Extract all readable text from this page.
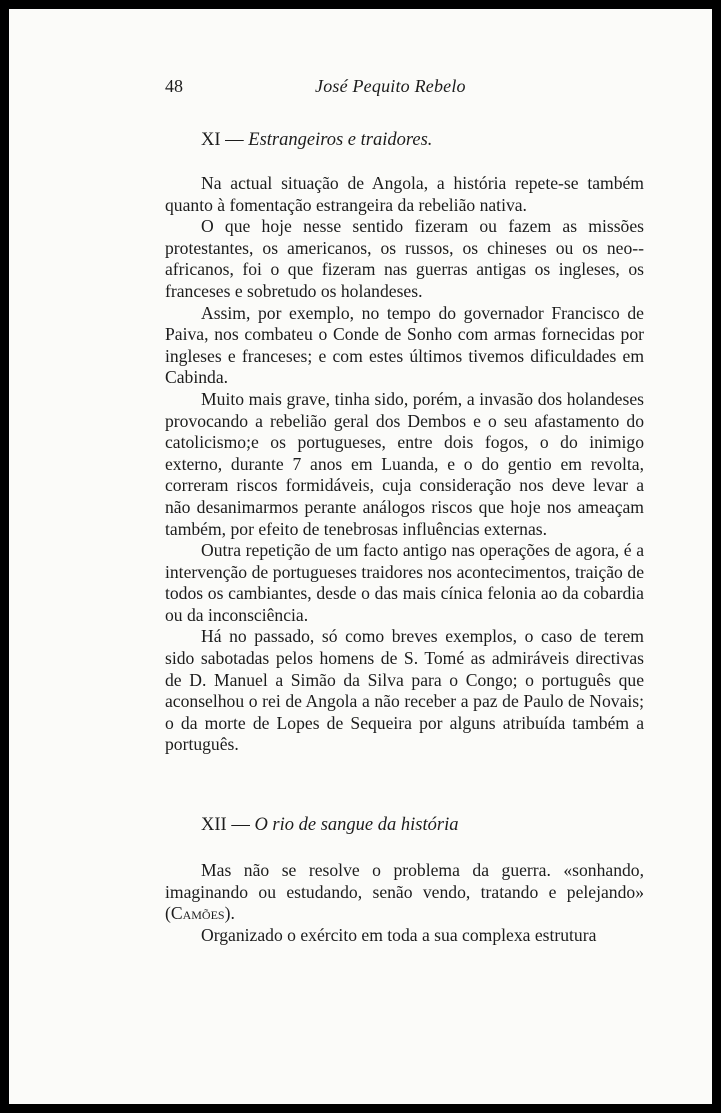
48	José Pequito Rebelo
XI — Estrangeiros e traidores.

Na actual situação de Angola, a história repete-se também quanto à fomentação estrangeira da rebelião nativa.

O que hoje nesse sentido fizeram ou fazem as missões protestantes, os americanos, os russos, os chineses ou os neo--africanos, foi o que fizeram nas guerras antigas os ingleses, os franceses e sobretudo os holandeses.

Assim, por exemplo, no tempo do governador Francisco de Paiva, nos combateu o Conde de Sonho com armas fornecidas por ingleses e franceses; e com estes últimos tivemos dificuldades em Cabinda.

Muito mais grave, tinha sido, porém, a invasão dos holandeses provocando a rebelião geral dos Dembos e o seu afastamento do catolicismo;e os portugueses, entre dois fogos, o do inimigo externo, durante 7 anos em Luanda, e o do gentio em revolta, correram riscos formidáveis, cuja consideração nos deve levar a não desanimarmos perante análogos riscos que hoje nos ameaçam também, por efeito de tenebrosas influências externas.

Outra repetição de um facto antigo nas operações de agora, é a intervenção de portugueses traidores nos acontecimentos, traição de todos os cambiantes, desde o das mais cínica felonia ao da cobardia ou da inconsciência.

Há no passado, só como breves exemplos, o caso de terem sido sabotadas pelos homens de S. Tomé as admiráveis directivas de D. Manuel a Simão da Silva para o Congo; o português que aconselhou o rei de Angola a não receber a paz de Paulo de Novais; o da morte de Lopes de Sequeira por alguns atribuída também a português.

XII — O rio de sangue da história

Mas não se resolve o problema da guerra. «sonhando, imaginando ou estudando, senão vendo, tratando e pelejando» (Camões).

Organizado o exército em toda a sua complexa estrutura
